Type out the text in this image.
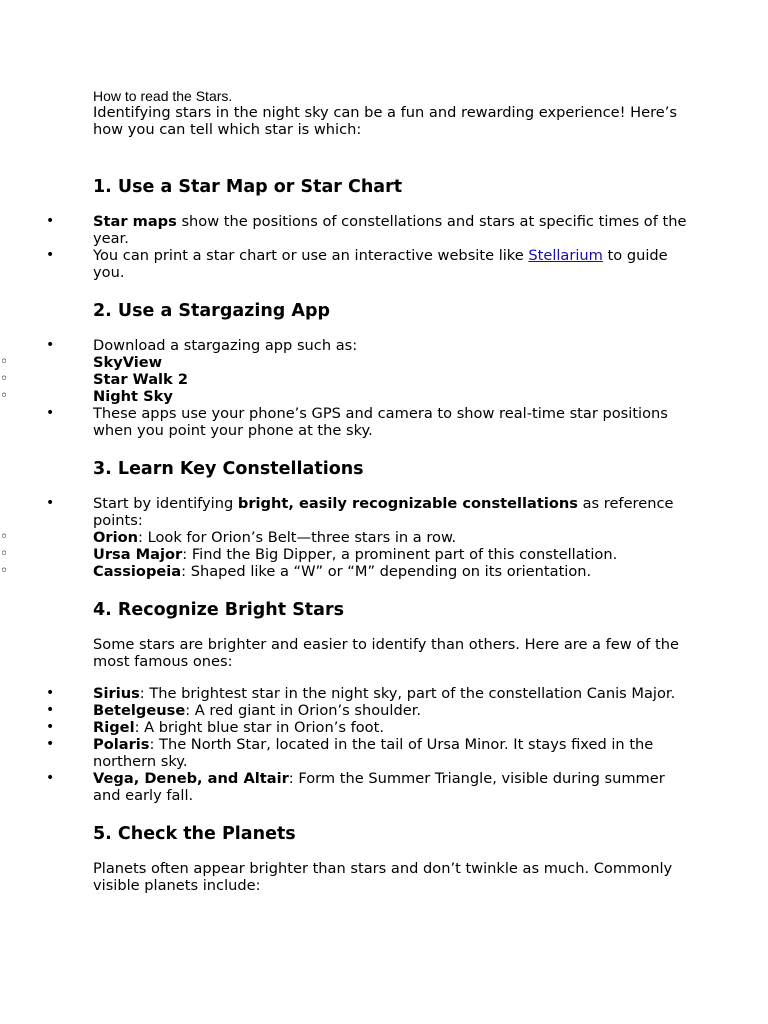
How to read the Stars.

Identifying stars in the night sky can be a fun and rewarding experience! Here’s how you can tell which star is which:

1. Use a Star Map or Star Chart
• Star maps show the positions of constellations and stars at specific times of the year.
• You can print a star chart or use an interactive website like Stellarium to guide you.
2. Use a Stargazing App
• Download a stargazing app such as:
◦ SkyView
◦ Star Walk 2
◦ Night Sky
• These apps use your phone’s GPS and camera to show real-time star positions when you point your phone at the sky.
3. Learn Key Constellations
• Start by identifying bright, easily recognizable constellations as reference points:
◦ Orion: Look for Orion’s Belt—three stars in a row.
◦ Ursa Major: Find the Big Dipper, a prominent part of this constellation.
◦ Cassiopeia: Shaped like a “W” or “M” depending on its orientation.
4. Recognize Bright Stars

Some stars are brighter and easier to identify than others. Here are a few of the most famous ones:

• Sirius: The brightest star in the night sky, part of the constellation Canis Major.
• Betelgeuse: A red giant in Orion’s shoulder.
• Rigel: A bright blue star in Orion’s foot.
• Polaris: The North Star, located in the tail of Ursa Minor. It stays fixed in the northern sky.
• Vega, Deneb, and Altair: Form the Summer Triangle, visible during summer and early fall.
5. Check the Planets

Planets often appear brighter than stars and don’t twinkle as much. Commonly visible planets include:
